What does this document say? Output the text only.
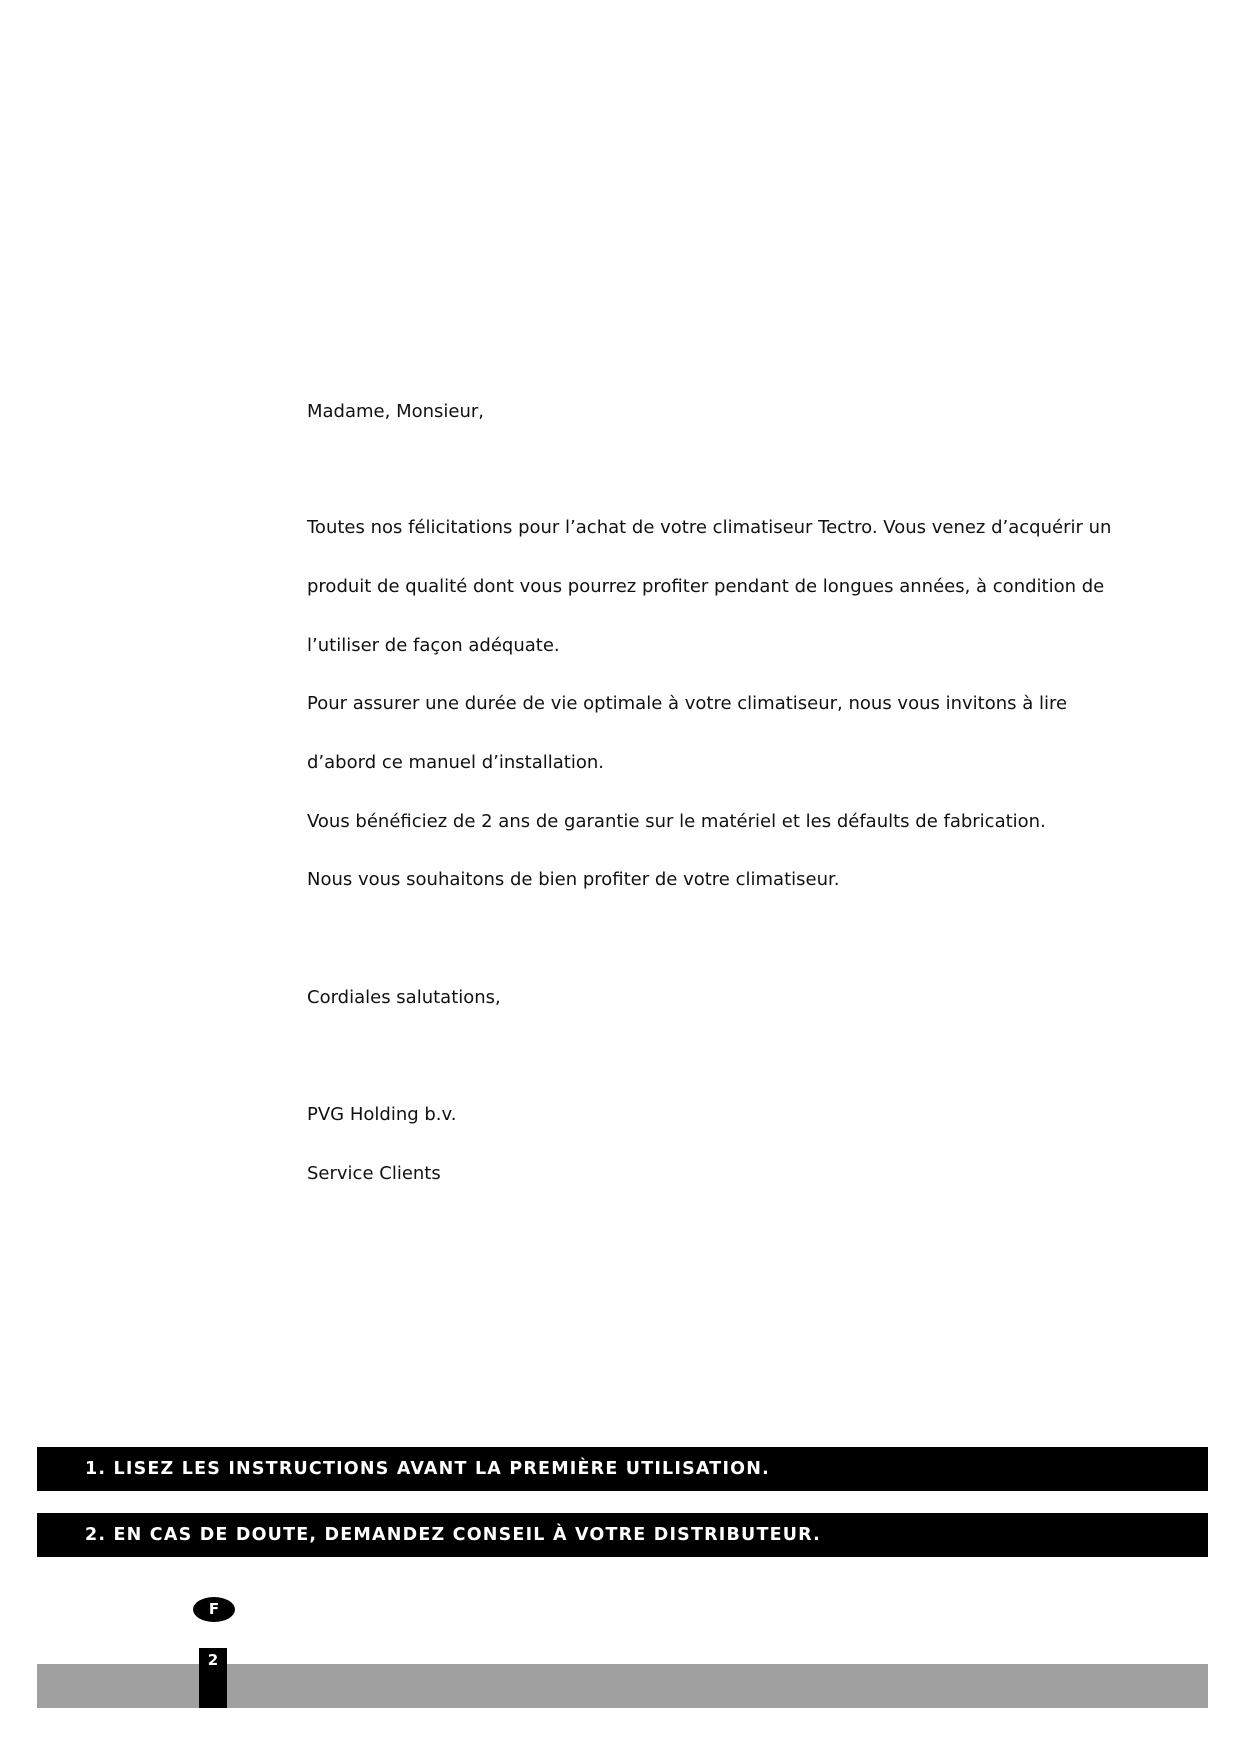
Madame, Monsieur,
Toutes nos félicitations pour l’achat de votre climatiseur Tectro. Vous venez d’acquérir un
produit de qualité dont vous pourrez profiter pendant de longues années, à condition de
l’utiliser de façon adéquate.
Pour assurer une durée de vie optimale à votre climatiseur, nous vous invitons à lire
d’abord ce manuel d’installation.
Vous bénéficiez de 2 ans de garantie sur le matériel et les défaults de fabrication.
Nous vous souhaitons de bien profiter de votre climatiseur.
Cordiales salutations,
PVG Holding b.v.
Service Clients
1. LISEZ LES INSTRUCTIONS AVANT LA PREMIÈRE UTILISATION.
2. EN CAS DE DOUTE, DEMANDEZ CONSEIL À VOTRE DISTRIBUTEUR.
F
2
